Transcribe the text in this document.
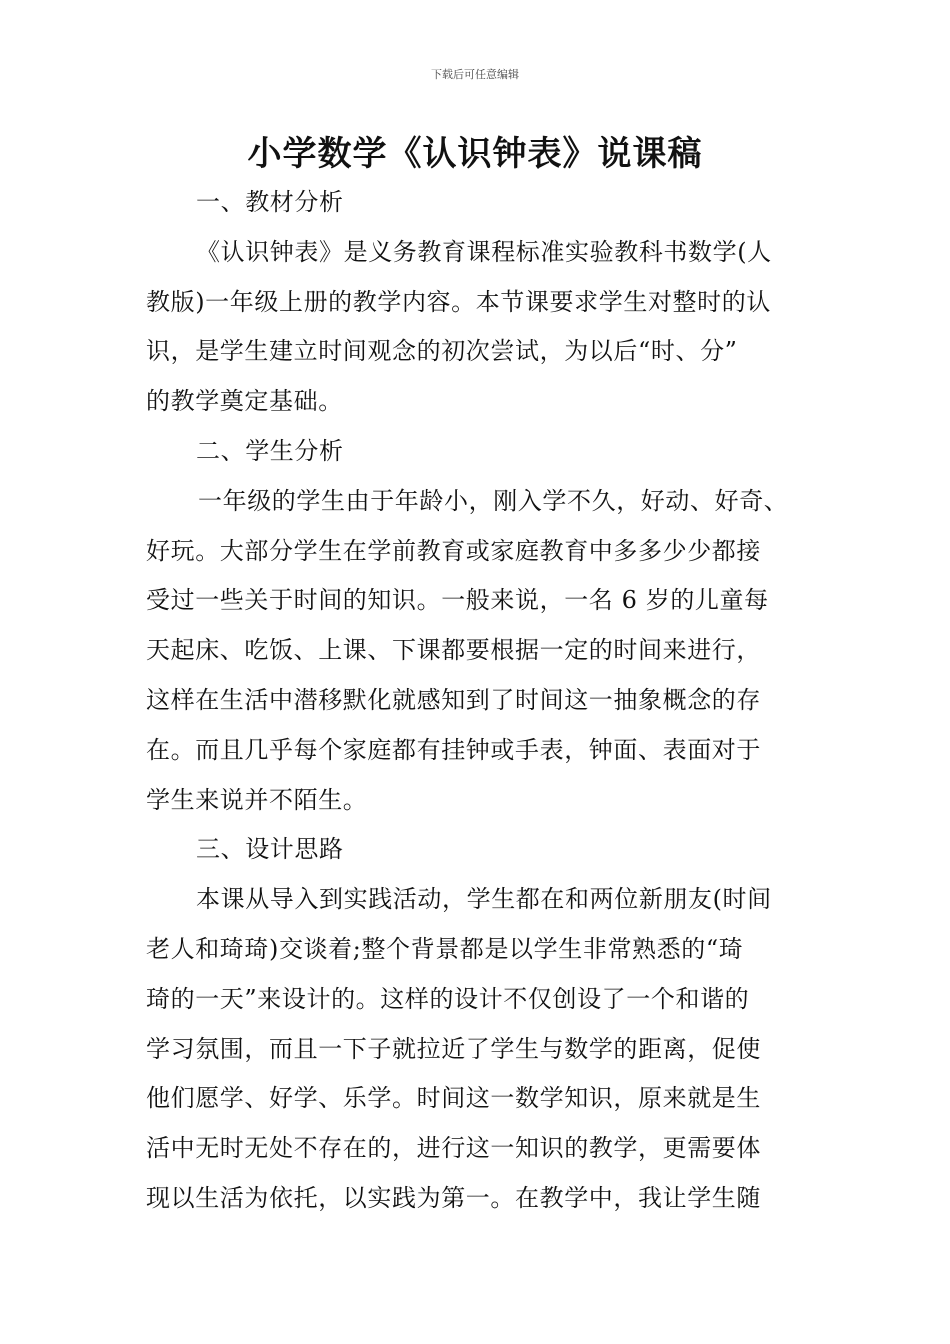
下载后可任意编辑
小学数学《认识钟表》说课稿
一、教材分析
《认识钟表》是义务教育课程标准实验教科书数学(人
教版)一年级上册的教学内容。本节课要求学生对整时的认
识，是学生建立时间观念的初次尝试，为以后“时、分”
的教学奠定基础。
二、学生分析
一年级的学生由于年龄小，刚入学不久，好动、好奇、
好玩。大部分学生在学前教育或家庭教育中多多少少都接
受过一些关于时间的知识。一般来说，一名 6 岁的儿童每
天起床、吃饭、上课、下课都要根据一定的时间来进行，
这样在生活中潜移默化就感知到了时间这一抽象概念的存
在。而且几乎每个家庭都有挂钟或手表，钟面、表面对于
学生来说并不陌生。
三、设计思路
本课从导入到实践活动，学生都在和两位新朋友(时间
老人和琦琦)交谈着;整个背景都是以学生非常熟悉的“琦
琦的一天”来设计的。这样的设计不仅创设了一个和谐的
学习氛围，而且一下子就拉近了学生与数学的距离，促使
他们愿学、好学、乐学。时间这一数学知识，原来就是生
活中无时无处不存在的，进行这一知识的教学，更需要体
现以生活为依托，以实践为第一。在教学中，我让学生随
